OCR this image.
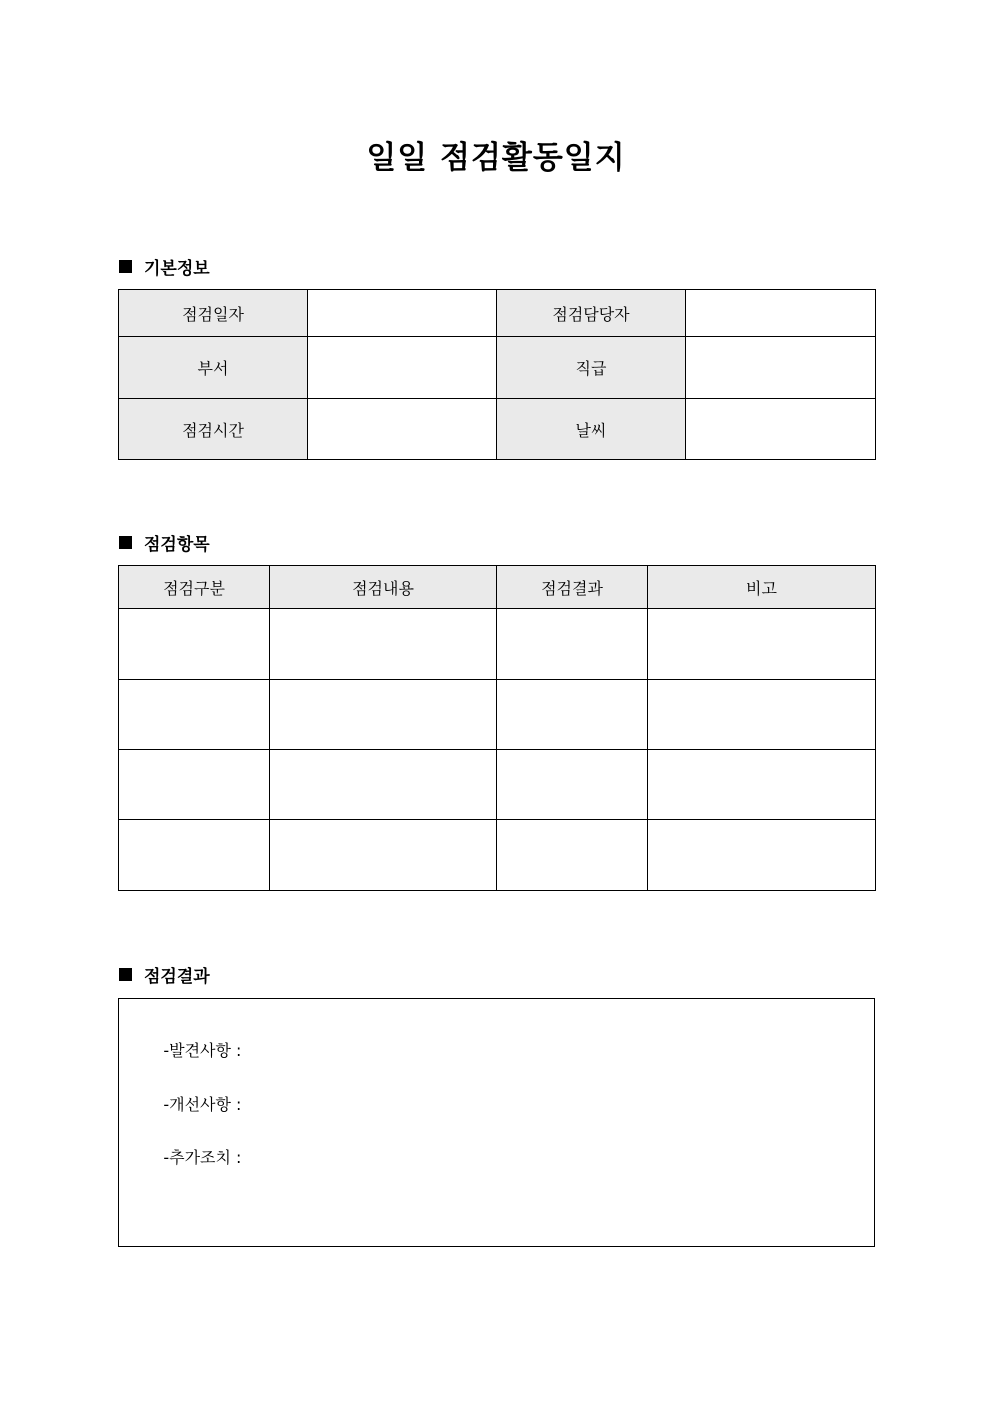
일일 점검활동일지
기본정보
점검일자		점검담당자	
부서		직급	
점검시간		날씨	
점검항목
점검구분	점검내용	점검결과	비고

점검결과

-발견사항 :

-개선사항 :

-추가조치 :
